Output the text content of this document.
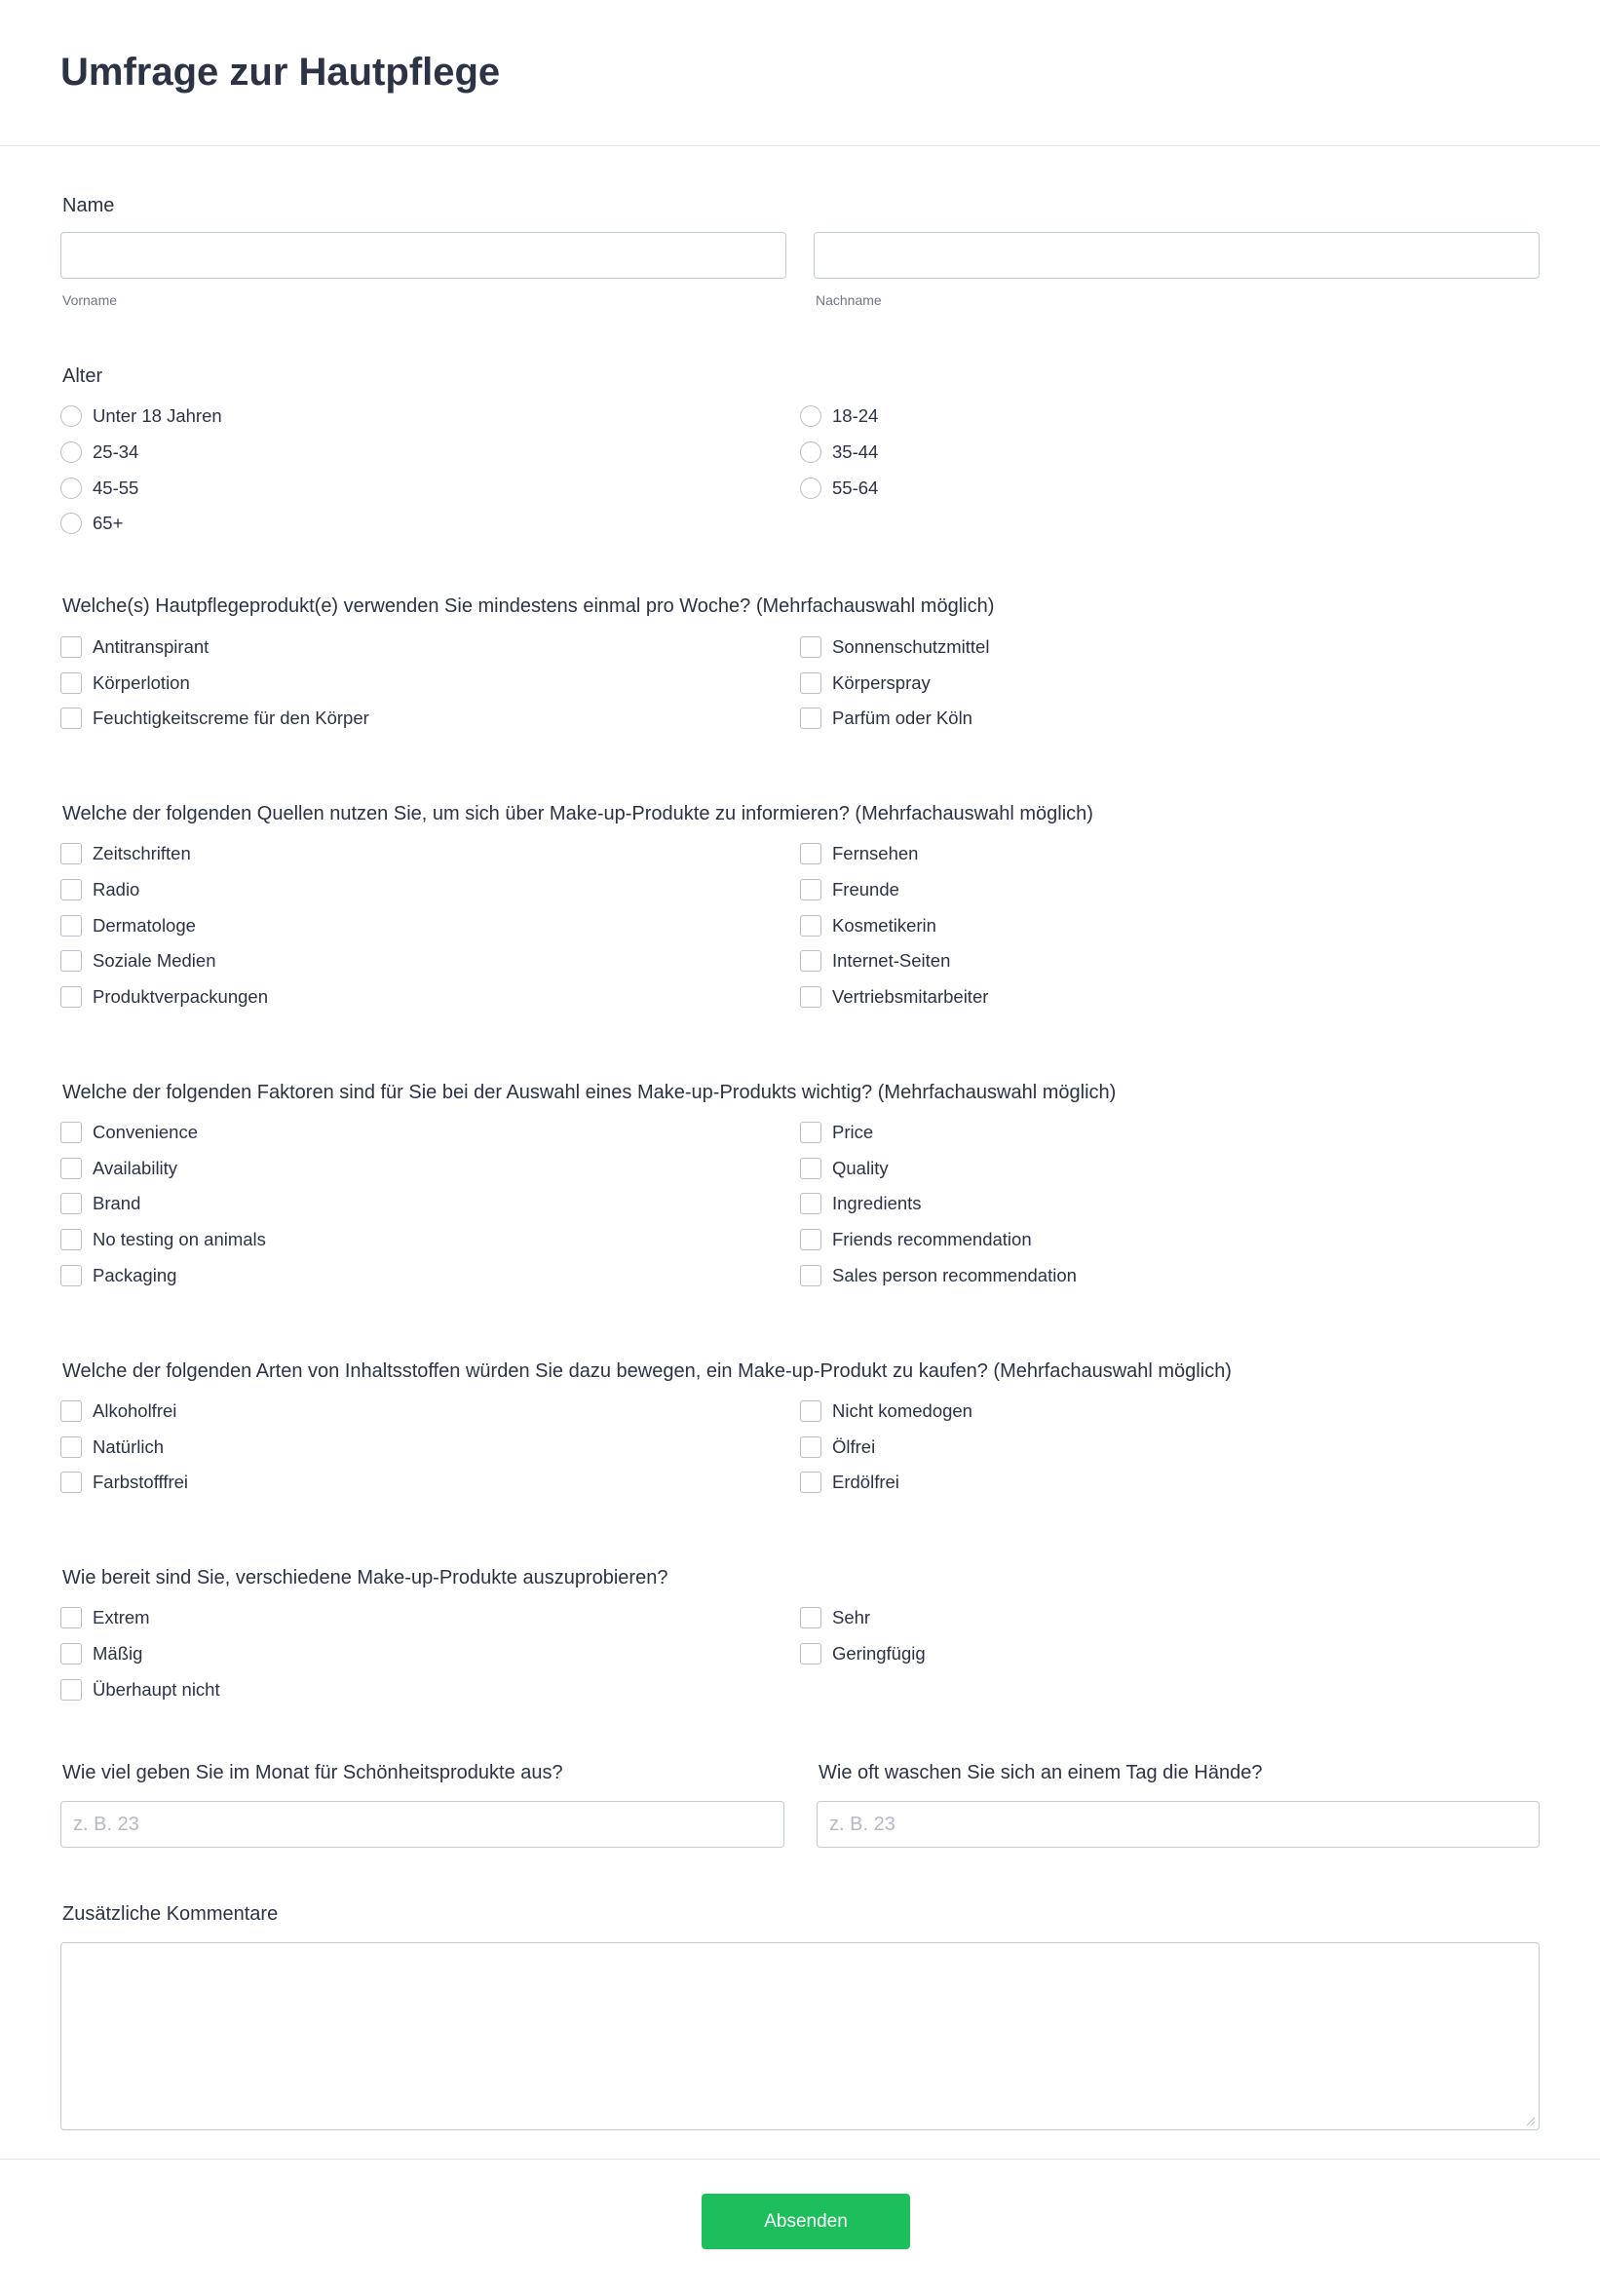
Umfrage zur Hautpflege
Name
Vorname	Nachname
Alter
Unter 18 Jahren	18-24
25-34	35-44
45-55	55-64
65+
Welche(s) Hautpflegeprodukt(e) verwenden Sie mindestens einmal pro Woche? (Mehrfachauswahl möglich)
Antitranspirant	Sonnenschutzmittel
Körperlotion	Körperspray
Feuchtigkeitscreme für den Körper	Parfüm oder Köln
Welche der folgenden Quellen nutzen Sie, um sich über Make-up-Produkte zu informieren? (Mehrfachauswahl möglich)
Zeitschriften	Fernsehen
Radio	Freunde
Dermatologe	Kosmetikerin
Soziale Medien	Internet-Seiten
Produktverpackungen	Vertriebsmitarbeiter
Welche der folgenden Faktoren sind für Sie bei der Auswahl eines Make-up-Produkts wichtig? (Mehrfachauswahl möglich)
Convenience	Price
Availability	Quality
Brand	Ingredients
No testing on animals	Friends recommendation
Packaging	Sales person recommendation
Welche der folgenden Arten von Inhaltsstoffen würden Sie dazu bewegen, ein Make-up-Produkt zu kaufen? (Mehrfachauswahl möglich)
Alkoholfrei	Nicht komedogen
Natürlich	Ölfrei
Farbstofffrei	Erdölfrei
Wie bereit sind Sie, verschiedene Make-up-Produkte auszuprobieren?
Extrem	Sehr
Mäßig	Geringfügig
Überhaupt nicht
Wie viel geben Sie im Monat für Schönheitsprodukte aus?	Wie oft waschen Sie sich an einem Tag die Hände?
z. B. 23
z. B. 23
Zusätzliche Kommentare
Absenden
